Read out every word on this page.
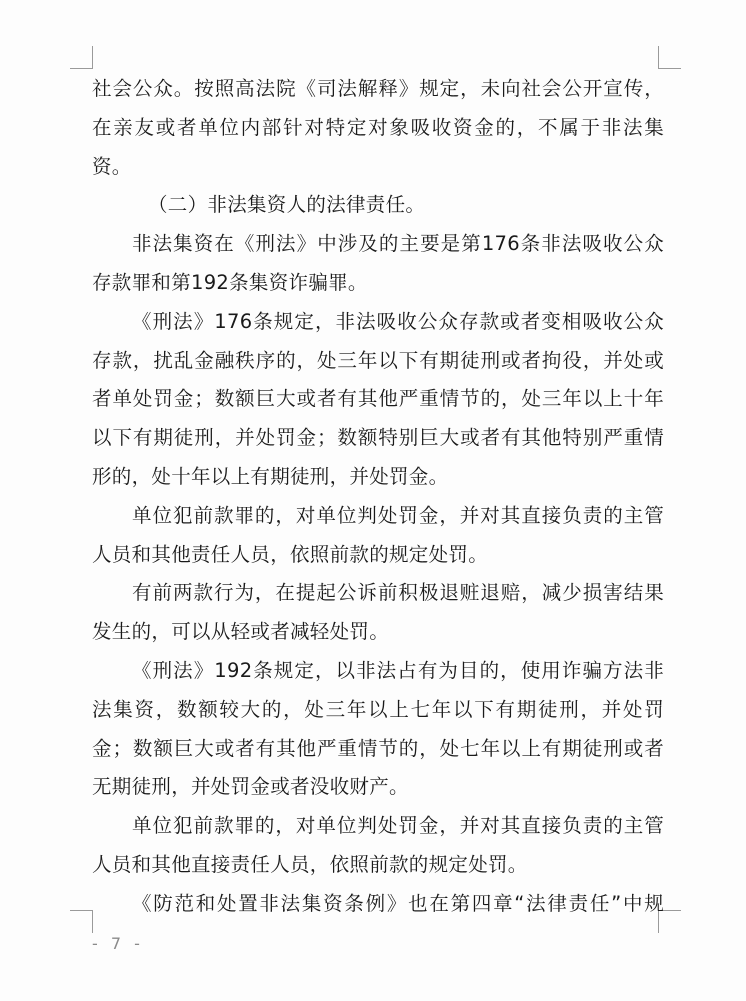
社会公众。按照高法院《司法解释》规定，未向社会公开宣传，
在亲友或者单位内部针对特定对象吸收资金的，不属于非法集
资。
（二）非法集资人的法律责任。
非法集资在《刑法》中涉及的主要是第176条非法吸收公众
存款罪和第192条集资诈骗罪。
《刑法》176条规定，非法吸收公众存款或者变相吸收公众
存款，扰乱金融秩序的，处三年以下有期徒刑或者拘役，并处或
者单处罚金；数额巨大或者有其他严重情节的，处三年以上十年
以下有期徒刑，并处罚金；数额特别巨大或者有其他特别严重情
形的，处十年以上有期徒刑，并处罚金。
单位犯前款罪的，对单位判处罚金，并对其直接负责的主管
人员和其他责任人员，依照前款的规定处罚。
有前两款行为，在提起公诉前积极退赃退赔，减少损害结果
发生的，可以从轻或者减轻处罚。
《刑法》192条规定，以非法占有为目的，使用诈骗方法非
法集资，数额较大的，处三年以上七年以下有期徒刑，并处罚
金；数额巨大或者有其他严重情节的，处七年以上有期徒刑或者
无期徒刑，并处罚金或者没收财产。
单位犯前款罪的，对单位判处罚金，并对其直接负责的主管
人员和其他直接责任人员，依照前款的规定处罚。
《防范和处置非法集资条例》也在第四章“法律责任”中规
- 7 -
